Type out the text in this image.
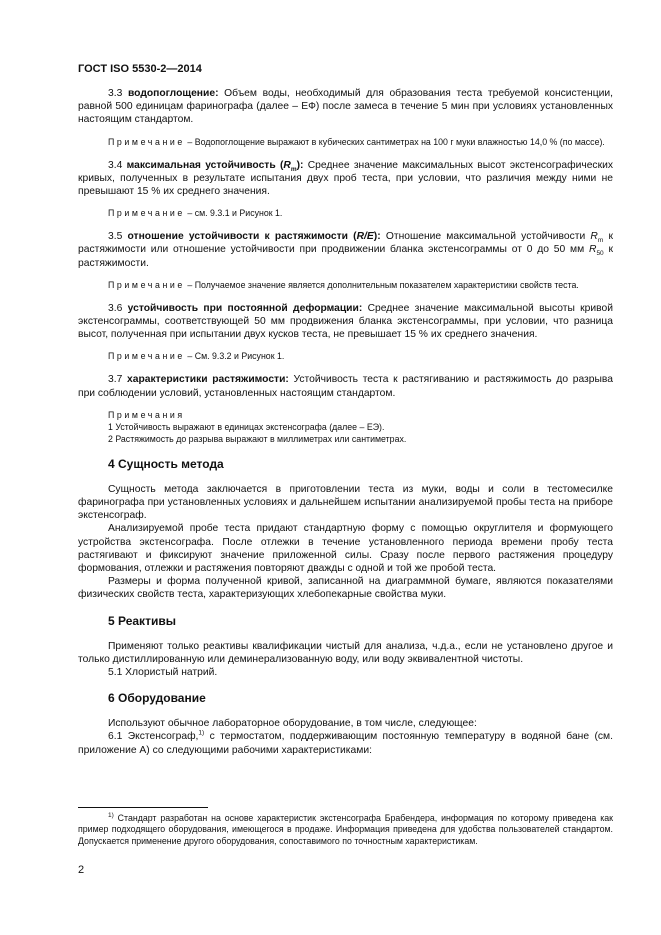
ГОСТ ISO 5530-2—2014

3.3 водопоглощение: Объем воды, необходимый для образования теста требуемой консистенции, равной 500 единицам фаринографа (далее – ЕФ) после замеса в течение 5 мин при условиях установленных настоящим стандартом.

Примечание – Водопоглощение выражают в кубических сантиметрах на 100 г муки влажностью 14,0 % (по массе).

3.4 максимальная устойчивость $(R_m)$: Среднее значение максимальных высот экстенсографических кривых, полученных в результате испытания двух проб теста, при условии, что различия между ними не превышают 15 % их среднего значения.

Примечание – см. 9.3.1 и Рисунок 1.

3.5 отношение устойчивости к растяжимости (R/E): Отношение максимальной устойчивости $R_m$ к растяжимости или отношение устойчивости при продвижении бланка экстенсограммы от 0 до 50 мм $R_{50}$ к растяжимости.

Примечание – Получаемое значение является дополнительным показателем характеристики свойств теста.

3.6 устойчивость при постоянной деформации: Среднее значение максимальной высоты кривой экстенсограммы, соответствующей 50 мм продвижения бланка экстенсограммы, при условии, что разница высот, полученная при испытании двух кусков теста, не превышает 15 % их среднего значения.

Примечание – См. 9.3.2 и Рисунок 1.

3.7 характеристики растяжимости: Устойчивость теста к растягиванию и растяжимость до разрыва при соблюдении условий, установленных настоящим стандартом.

Примечания

1 Устойчивость выражают в единицах экстенсографа (далее – ЕЭ).

2 Растяжимость до разрыва выражают в миллиметрах или сантиметрах.

4 Сущность метода

Сущность метода заключается в приготовлении теста из муки, воды и соли в тестомесилке фаринографа при установленных условиях и дальнейшем испытании анализируемой пробы теста на приборе экстенсограф.

Анализируемой пробе теста придают стандартную форму с помощью округлителя и формующего устройства экстенсографа. После отлежки в течение установленного периода времени пробу теста растягивают и фиксируют значение приложенной силы. Сразу после первого растяжения процедуру формования, отлежки и растяжения повторяют дважды с одной и той же пробой теста.

Размеры и форма полученной кривой, записанной на диаграммной бумаге, являются показателями физических свойств теста, характеризующих хлебопекарные свойства муки.

5 Реактивы

Применяют только реактивы квалификации чистый для анализа, ч.д.а., если не установлено другое и только дистиллированную или деминерализованную воду, или воду эквивалентной чистоты.

5.1 Хлористый натрий.

6 Оборудование

Используют обычное лабораторное оборудование, в том числе, следующее:

6.1 Экстенсограф,$^{1)}$ с термостатом, поддерживающим постоянную температуру в водяной бане (см. приложение А) со следующими рабочими характеристиками:

$^{1)}$ Стандарт разработан на основе характеристик экстенсографа Брабендера, информация по которому приведена как пример подходящего оборудования, имеющегося в продаже. Информация приведена для удобства пользователей стандартом. Допускается применение другого оборудования, сопоставимого по точностным характеристикам.
2
